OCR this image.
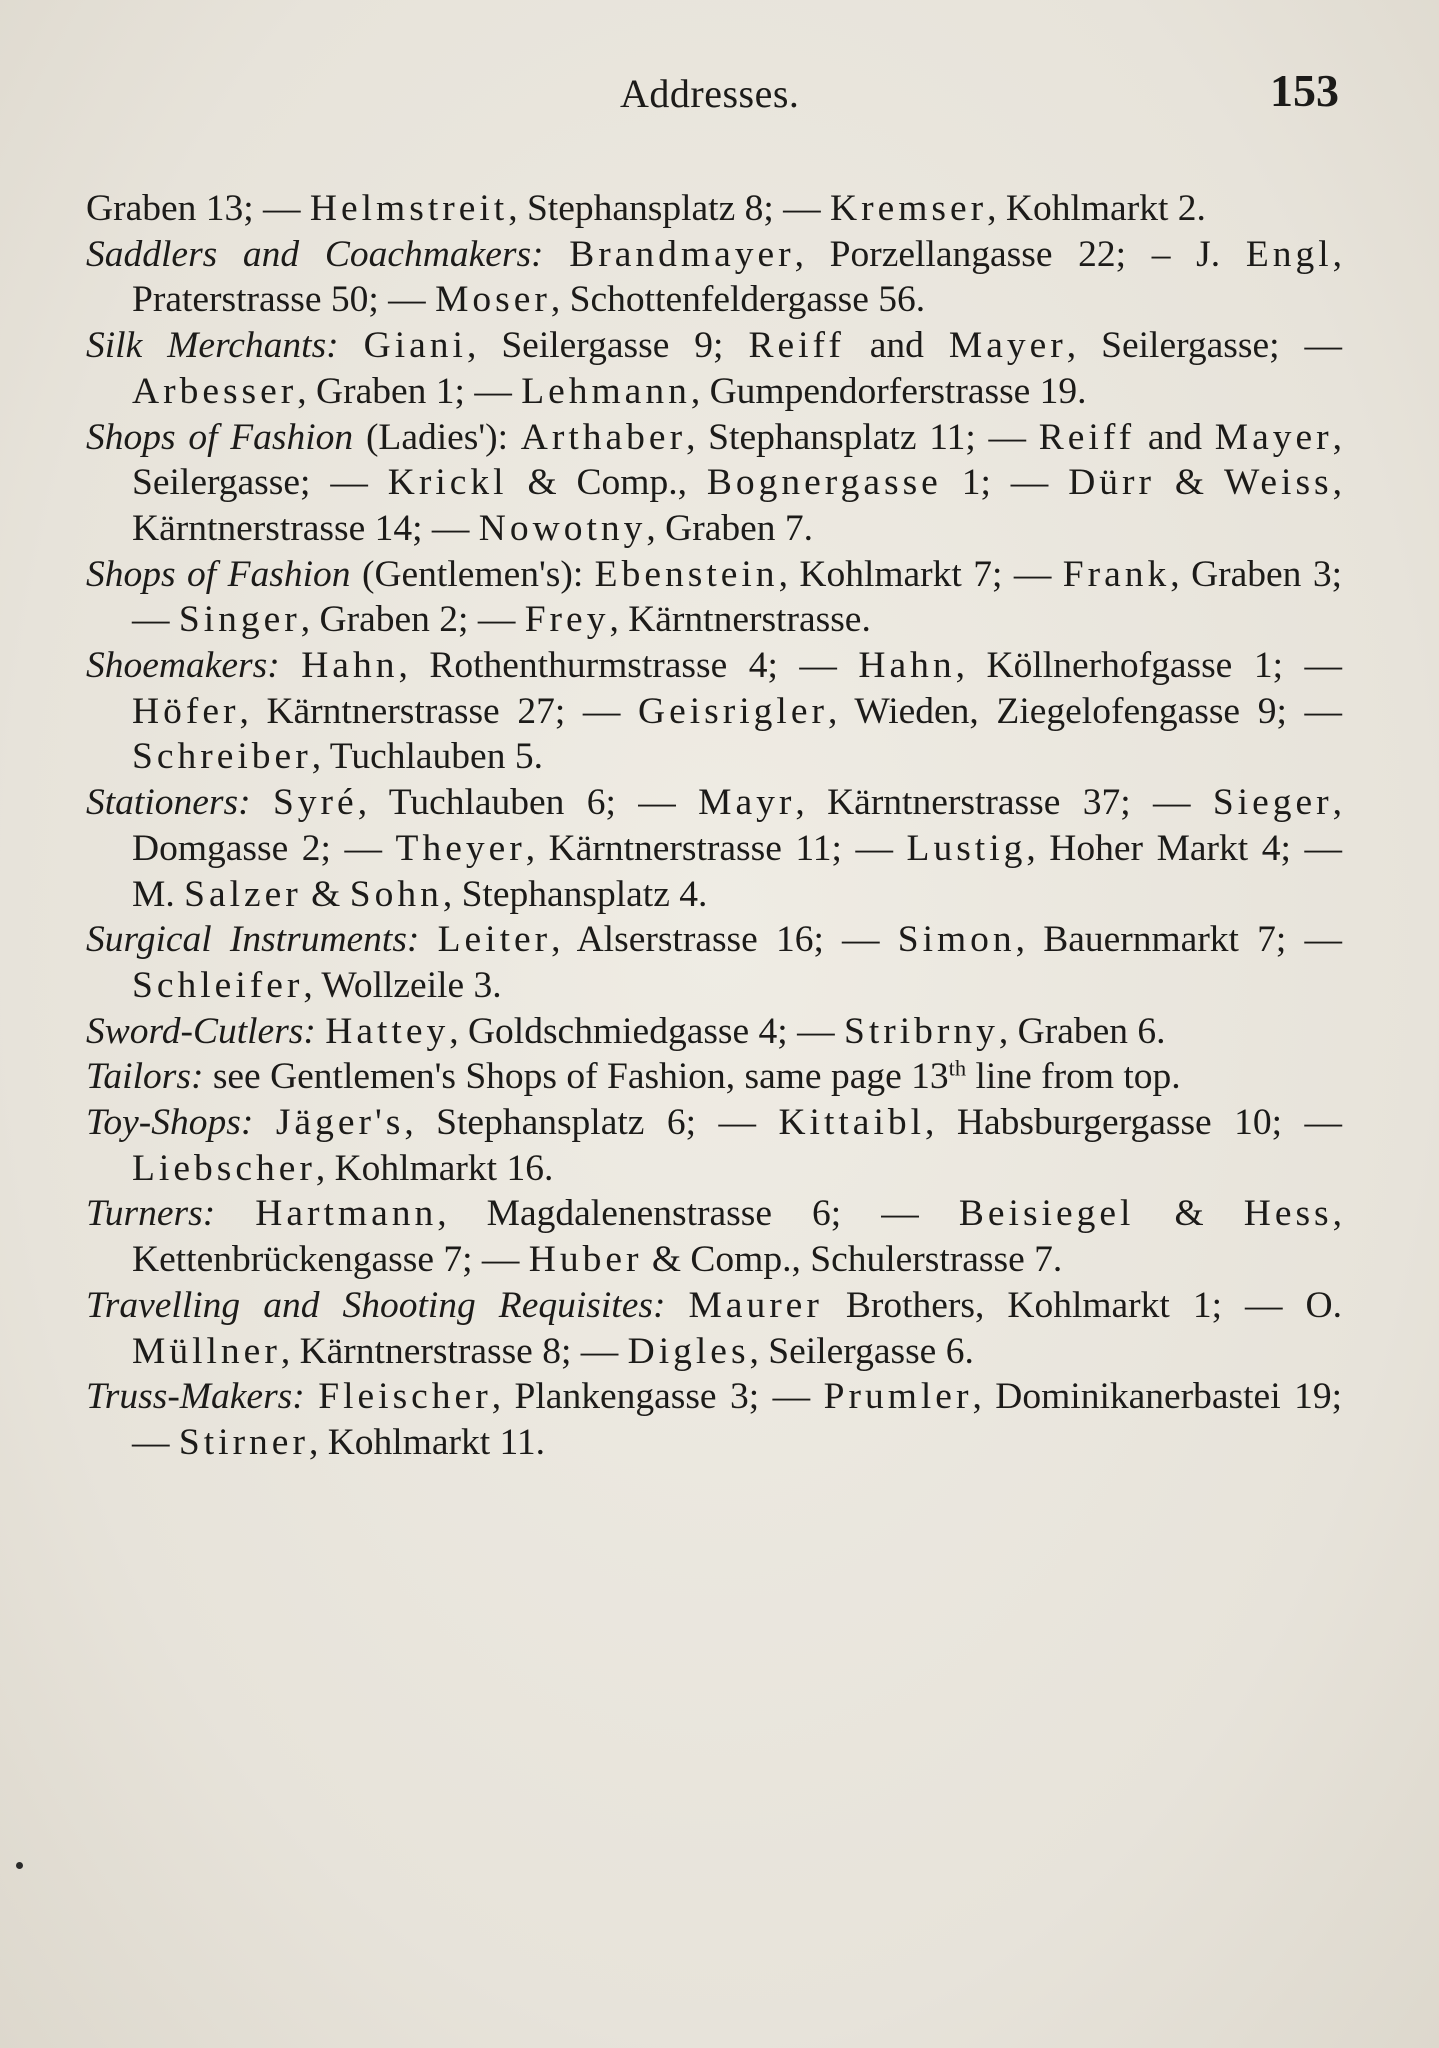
Addresses.	153

Graben 13; — Helmstreit, Stephansplatz 8; — Kremser, Kohlmarkt 2.

Saddlers and Coachmakers: Brandmayer, Porzellangasse 22; – J. Engl, Praterstrasse 50; — Moser, Schottenfeldergasse 56.

Silk Merchants: Giani, Seilergasse 9; Reiff and Mayer, Seilergasse; — Arbesser, Graben 1; — Lehmann, Gumpendorferstrasse 19.

Shops of Fashion (Ladies'): Arthaber, Stephansplatz 11; — Reiff and Mayer, Seilergasse; — Krickl & Comp., Bognergasse 1; — Dürr & Weiss, Kärntnerstrasse 14; — Nowotny, Graben 7.

Shops of Fashion (Gentlemen's): Ebenstein, Kohlmarkt 7; — Frank, Graben 3; — Singer, Graben 2; — Frey, Kärntnerstrasse.

Shoemakers: Hahn, Rothenthurmstrasse 4; — Hahn, Köllnerhofgasse 1; — Höfer, Kärntnerstrasse 27; — Geisrigler, Wieden, Ziegelofengasse 9; — Schreiber, Tuchlauben 5.

Stationers: Syré, Tuchlauben 6; — Mayr, Kärntnerstrasse 37; — Sieger, Domgasse 2; — Theyer, Kärntnerstrasse 11; — Lustig, Hoher Markt 4; — M. Salzer & Sohn, Stephansplatz 4.

Surgical Instruments: Leiter, Alserstrasse 16; — Simon, Bauernmarkt 7; — Schleifer, Wollzeile 3.

Sword-Cutlers: Hattey, Goldschmiedgasse 4; — Stribrny, Graben 6.

Tailors: see Gentlemen's Shops of Fashion, same page 13th line from top.

Toy-Shops: Jäger's, Stephansplatz 6; — Kittaibl, Habsburgergasse 10; — Liebscher, Kohlmarkt 16.

Turners: Hartmann, Magdalenenstrasse 6; — Beisiegel & Hess, Kettenbrückengasse 7; — Huber & Comp., Schulerstrasse 7.

Travelling and Shooting Requisites: Maurer Brothers, Kohlmarkt 1; — O. Müllner, Kärntnerstrasse 8; — Digles, Seilergasse 6.

Truss-Makers: Fleischer, Plankengasse 3; — Prumler, Dominikanerbastei 19; — Stirner, Kohlmarkt 11.
